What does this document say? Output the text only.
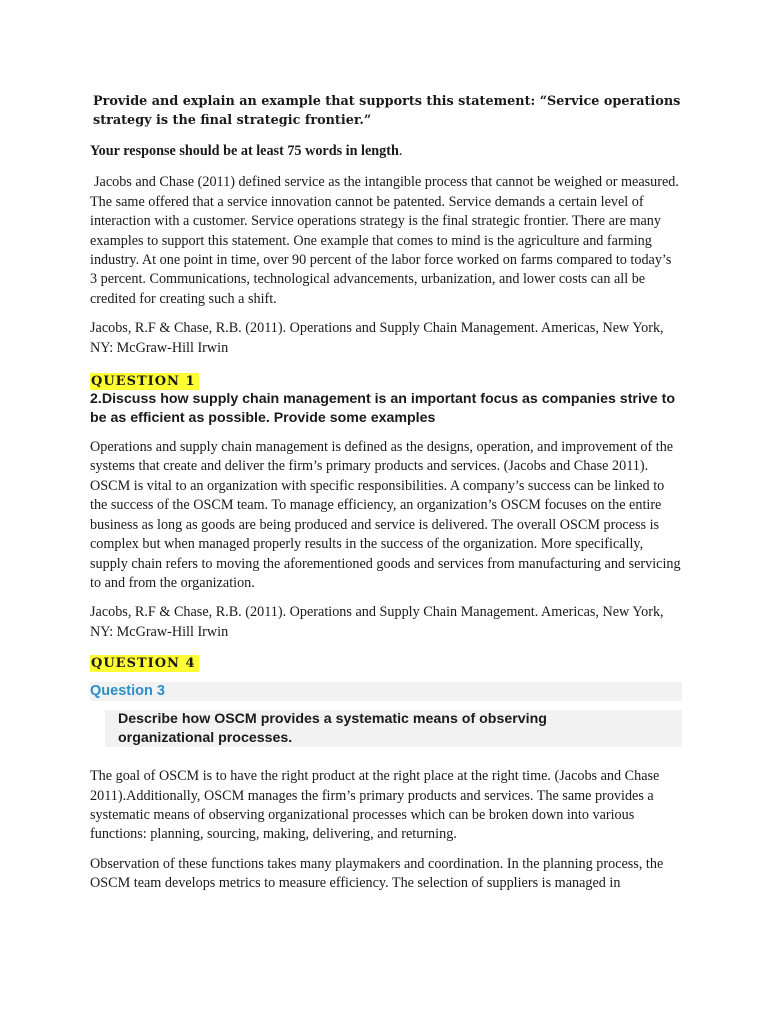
Provide and explain an example that supports this statement: “Service operations strategy is the final strategic frontier.”

Your response should be at least 75 words in length.

Jacobs and Chase (2011) defined service as the intangible process that cannot be weighed or measured. The same offered that a service innovation cannot be patented. Service demands a certain level of interaction with a customer. Service operations strategy is the final strategic frontier. There are many examples to support this statement. One example that comes to mind is the agriculture and farming industry. At one point in time, over 90 percent of the labor force worked on farms compared to today’s 3 percent. Communications, technological advancements, urbanization, and lower costs can all be credited for creating such a shift.

Jacobs, R.F & Chase, R.B. (2011). Operations and Supply Chain Management. Americas, New York, NY: McGraw-Hill Irwin

QUESTION 1

2.Discuss how supply chain management is an important focus as companies strive to be as efficient as possible. Provide some examples

Operations and supply chain management is defined as the designs, operation, and improvement of the systems that create and deliver the firm’s primary products and services. (Jacobs and Chase 2011). OSCM is vital to an organization with specific responsibilities. A company’s success can be linked to the success of the OSCM team. To manage efficiency, an organization’s OSCM focuses on the entire business as long as goods are being produced and service is delivered. The overall OSCM process is complex but when managed properly results in the success of the organization. More specifically, supply chain refers to moving the aforementioned goods and services from manufacturing and servicing to and from the organization.

Jacobs, R.F & Chase, R.B. (2011). Operations and Supply Chain Management. Americas, New York, NY: McGraw-Hill Irwin

QUESTION 4
Question 3
Describe how OSCM provides a systematic means of observing organizational processes.

The goal of OSCM is to have the right product at the right place at the right time. (Jacobs and Chase 2011).Additionally, OSCM manages the firm’s primary products and services. The same provides a systematic means of observing organizational processes which can be broken down into various functions: planning, sourcing, making, delivering, and returning.

Observation of these functions takes many playmakers and coordination. In the planning process, the OSCM team develops metrics to measure efficiency. The selection of suppliers is managed in
